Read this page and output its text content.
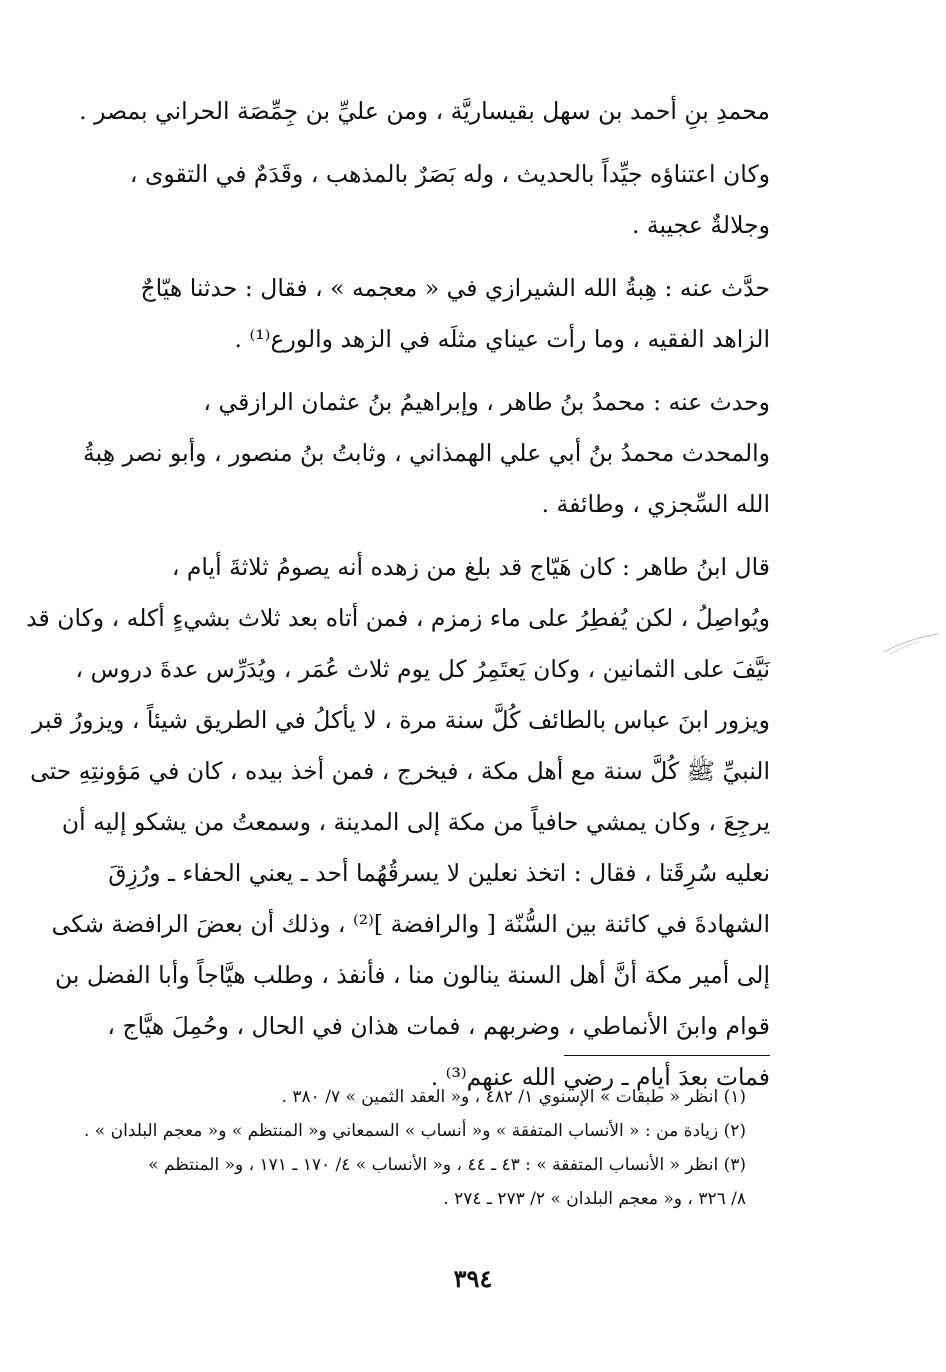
محمدِ بنِ أحمد بن سهل بقيساريَّة ، ومن عليِّ بن جِمِّصَة الحراني بمصر .
وكان اعتناؤه جيِّداً بالحديث ، وله بَصَرٌ بالمذهب ، وقَدَمٌ في التقوى ،
وجلالةٌ عجيبة .
حدَّث عنه : هِبةُ الله الشيرازي في « معجمه » ، فقال : حدثنا هيّاجٌ
الزاهد الفقيه ، وما رأت عيناي مثلَه في الزهد والورع⁽¹⁾ .
وحدث عنه : محمدُ بنُ طاهر ، وإبراهيمُ بنُ عثمان الرازقي ،
والمحدث محمدُ بنُ أبي علي الهمذاني ، وثابتُ بنُ منصور ، وأبو نصر هِبةُ
الله السِّجزي ، وطائفة .
قال ابنُ طاهر : كان هَيّاج قد بلغ من زهده أنه يصومُ ثلاثةَ أيام ،
ويُواصِلُ ، لكن يُفطِرُ على ماء زمزم ، فمن أتاه بعد ثلاث بشيءٍ أكله ، وكان قد
نَيَّفَ على الثمانين ، وكان يَعتَمِرُ كل يوم ثلاث عُمَر ، ويُدَرِّس عدةَ دروس ،
ويزور ابنَ عباس بالطائف كُلَّ سنة مرة ، لا يأكلُ في الطريق شيئاً ، ويزورُ قبر
النبيِّ ﷺ كُلَّ سنة مع أهل مكة ، فيخرج ، فمن أخذ بيده ، كان في مَؤونتِهِ حتى
يرجِعَ ، وكان يمشي حافياً من مكة إلى المدينة ، وسمعتُ من يشكو إليه أن
نعليه سُرِقَتا ، فقال : اتخذ نعلين لا يسرقُهُما أحد ـ يعني الحفاء ـ ورُزِقَ
الشهادةَ في كائنة بين السُّنّة [ والرافضة ]⁽²⁾ ، وذلك أن بعضَ الرافضة شكى
إلى أمير مكة أنَّ أهل السنة ينالون منا ، فأنفذ ، وطلب هيَّاجاً وأبا الفضل بن
قوام وابنَ الأنماطي ، وضربهم ، فمات هذان في الحال ، وحُمِلَ هيَّاج ،
فمات بعدَ أيام ـ رضي الله عنهم⁽³⁾ .
(١) انظر « طبقات » الإسنوي ١/ ٤٨٢ ، و« العقد الثمين » ٧/ ٣٨٠ .
(٢) زيادة من : « الأنساب المتفقة » و« أنساب » السمعاني و« المنتظم » و« معجم البلدان » .
(٣) انظر « الأنساب المتفقة » : ٤٣ ـ ٤٤ ، و« الأنساب » ٤/ ١٧٠ ـ ١٧١ ، و« المنتظم »
٨/ ٣٢٦ ، و« معجم البلدان » ٢/ ٢٧٣ ـ ٢٧٤ .
٣٩٤
